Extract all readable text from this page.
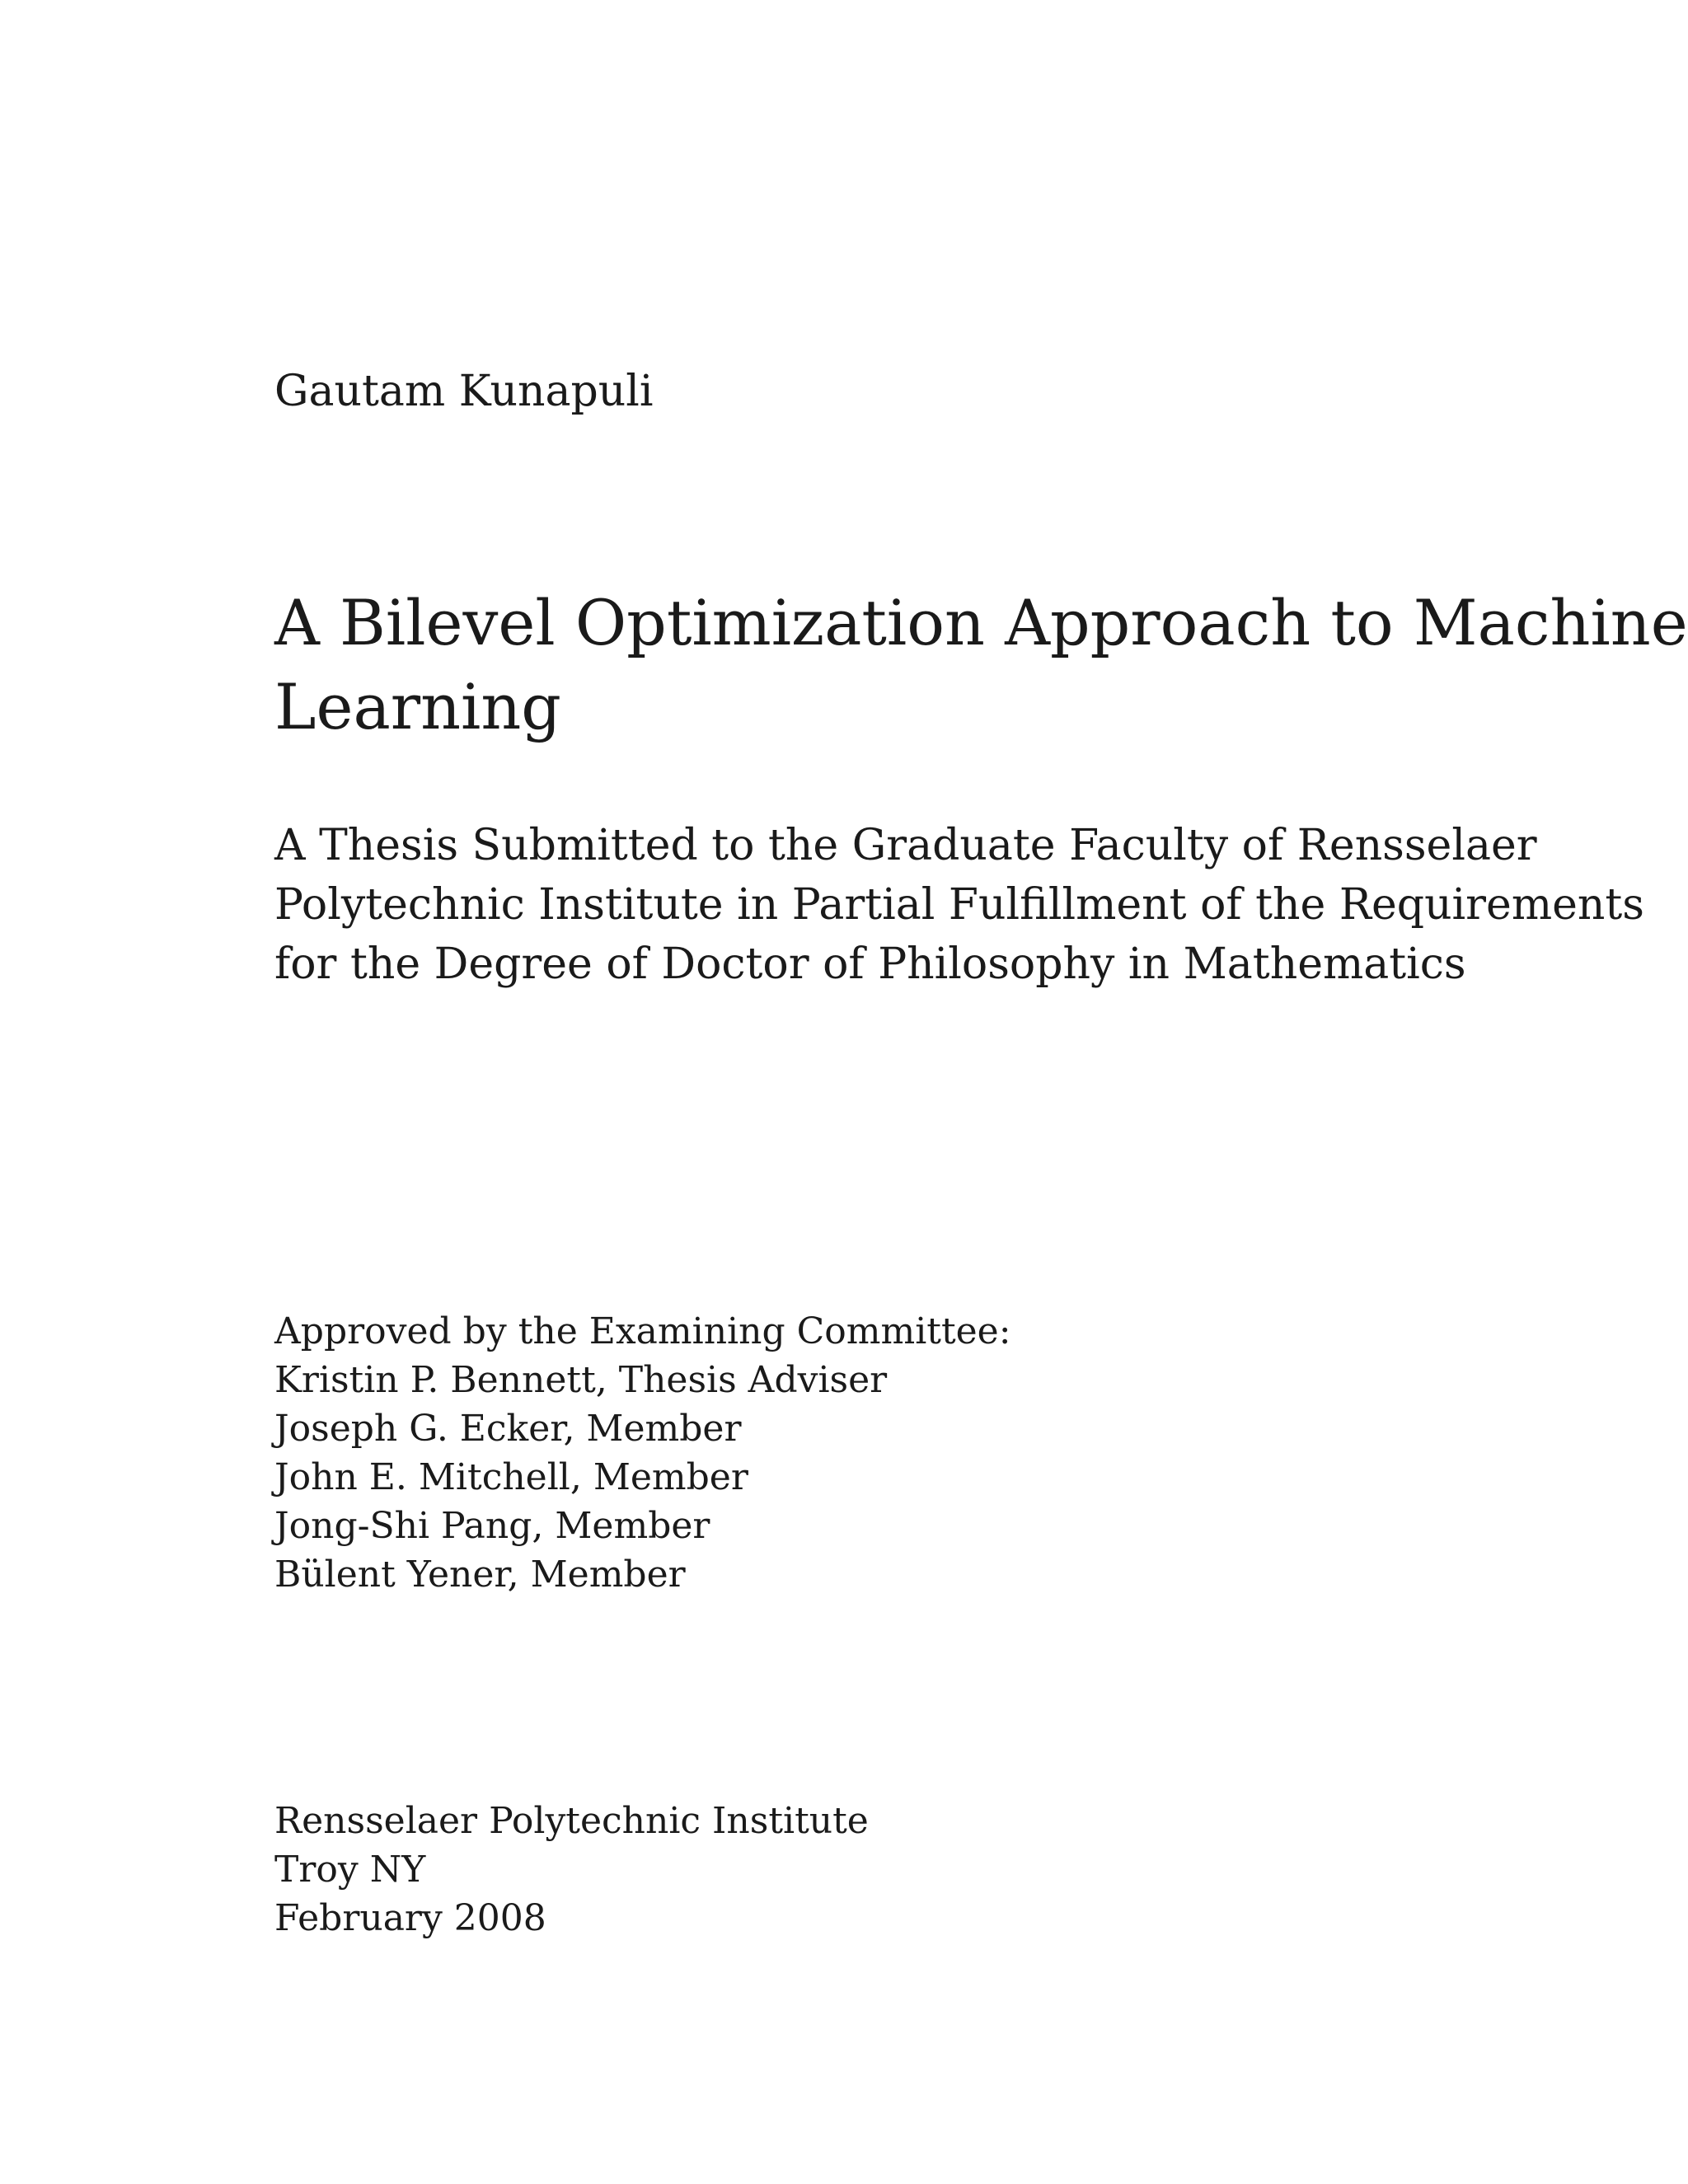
Gautam Kunapuli
A Bilevel Optimization Approach to Machine
Learning
A Thesis Submitted to the Graduate Faculty of Rensselaer
Polytechnic Institute in Partial Fulfillment of the Requirements
for the Degree of Doctor of Philosophy in Mathematics
Approved by the Examining Committee:
Kristin P. Bennett, Thesis Adviser
Joseph G. Ecker, Member
John E. Mitchell, Member
Jong-Shi Pang, Member
Bülent Yener, Member
Rensselaer Polytechnic Institute
Troy NY
February 2008
